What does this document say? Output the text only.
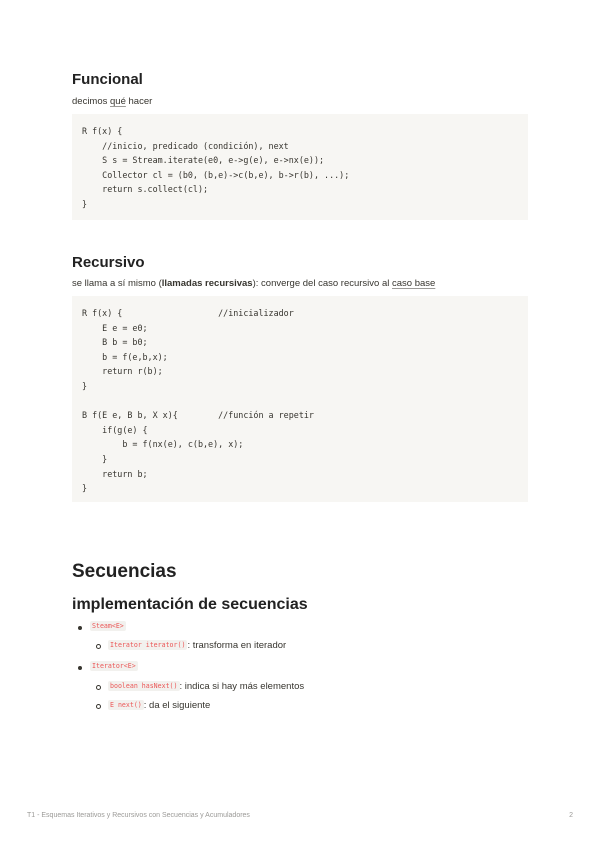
Funcional

decimos qué hacer

R f(x) {
//inicio, predicado (condición), next
S s = Stream.iterate(e0, e->g(e), e->nx(e));
Collector cl = (b0, (b,e)->c(b,e), b->r(b), ...);
return s.collect(cl);
}
Recursivo

se llama a sí mismo (llamadas recursivas): converge del caso recursivo al caso base

R f(x) {                   //inicializador
E e = e0;
B b = b0;
b = f(e,b,x);
return r(b);
}
B f(E e, B b, X x){        //función a repetir
if(g(e) {
b = f(nx(e), c(b,e), x);
}
return b;
}
Secuencias
implementación de secuencias
Steam<E>
Iterator iterator() : transforma en iterador
Iterator<E>
boolean hasNext() : indica si hay más elementos
E next() : da el siguiente
T1 - Esquemas Iterativos y Recursivos con Secuencias y Acumuladores	2
